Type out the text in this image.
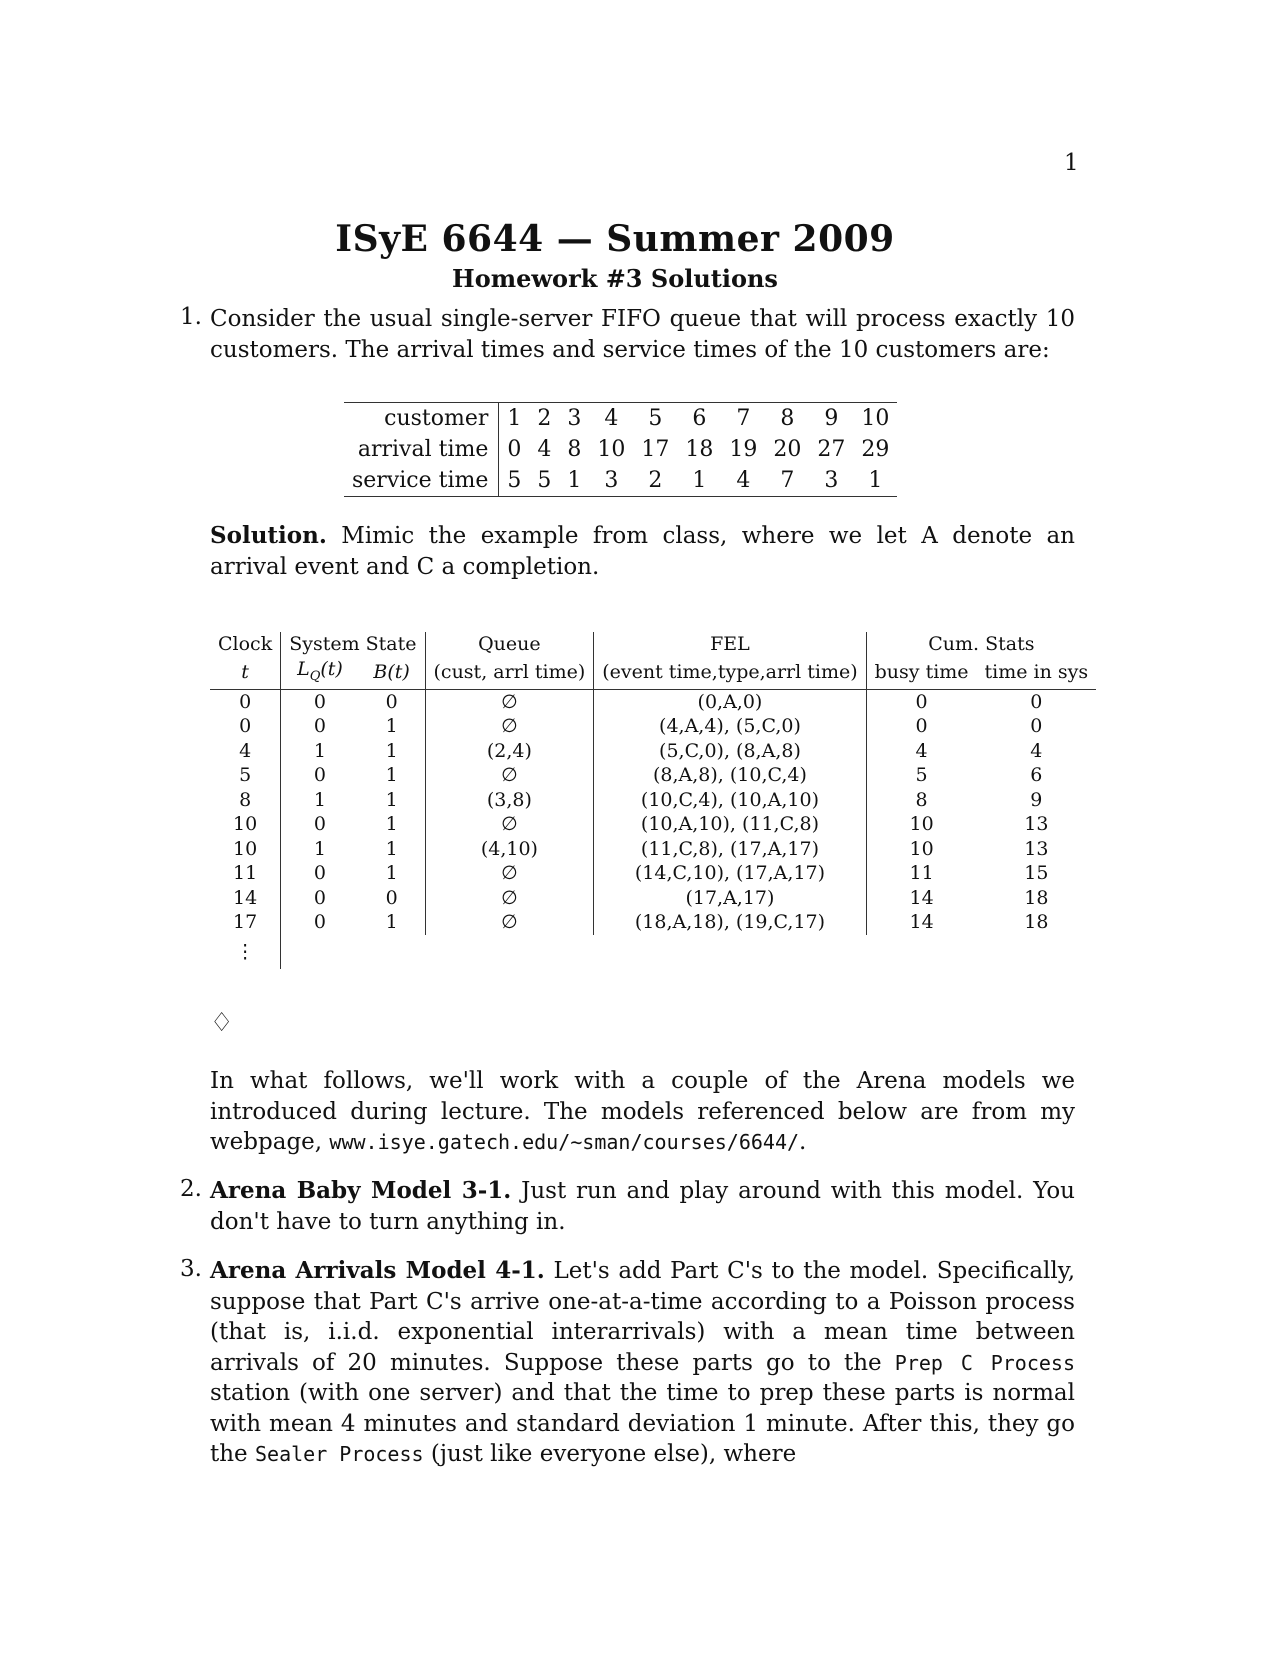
1
ISyE 6644 — Summer 2009
Homework #3 Solutions
1. Consider the usual single-server FIFO queue that will process exactly 10 customers. The arrival times and service times of the 10 customers are:
customer	1	2	3	4	5	6	7	8	9	10
arrival time	0	4	8	10	17	18	19	20	27	29
service time	5	5	1	3	2	1	4	7	3	1
Solution. Mimic the example from class, where we let A denote an arrival event and C a completion.
Clock	System State		Queue	FEL	Cum. Stats	
t	$L_Q(t)$	B(t)	(cust, arrl time)	(event time,type,arrl time)	busy time	time in sys
0	0	0	∅	(0,A,0)	0	0
0	0	1	∅	(4,A,4), (5,C,0)	0	0
4	1	1	(2,4)	(5,C,0), (8,A,8)	4	4
5	0	1	∅	(8,A,8), (10,C,4)	5	6
8	1	1	(3,8)	(10,C,4), (10,A,10)	8	9
10	0	1	∅	(10,A,10), (11,C,8)	10	13
10	1	1	(4,10)	(11,C,8), (17,A,17)	10	13
11	0	1	∅	(14,C,10), (17,A,17)	11	15
14	0	0	∅	(17,A,17)	14	18
17	0	1	∅	(18,A,18), (19,C,17)	14	18
⋮						
♢
In what follows, we'll work with a couple of the Arena models we introduced during lecture. The models referenced below are from my webpage, www.isye.gatech.edu/∼sman/courses/6644/.
2. Arena Baby Model 3-1. Just run and play around with this model. You don't have to turn anything in.
3. Arena Arrivals Model 4-1. Let's add Part C's to the model. Specifically, suppose that Part C's arrive one-at-a-time according to a Poisson process (that is, i.i.d. exponential interarrivals) with a mean time between arrivals of 20 minutes. Suppose these parts go to the Prep C Process station (with one server) and that the time to prep these parts is normal with mean 4 minutes and standard deviation 1 minute. After this, they go the Sealer Process (just like everyone else), where
